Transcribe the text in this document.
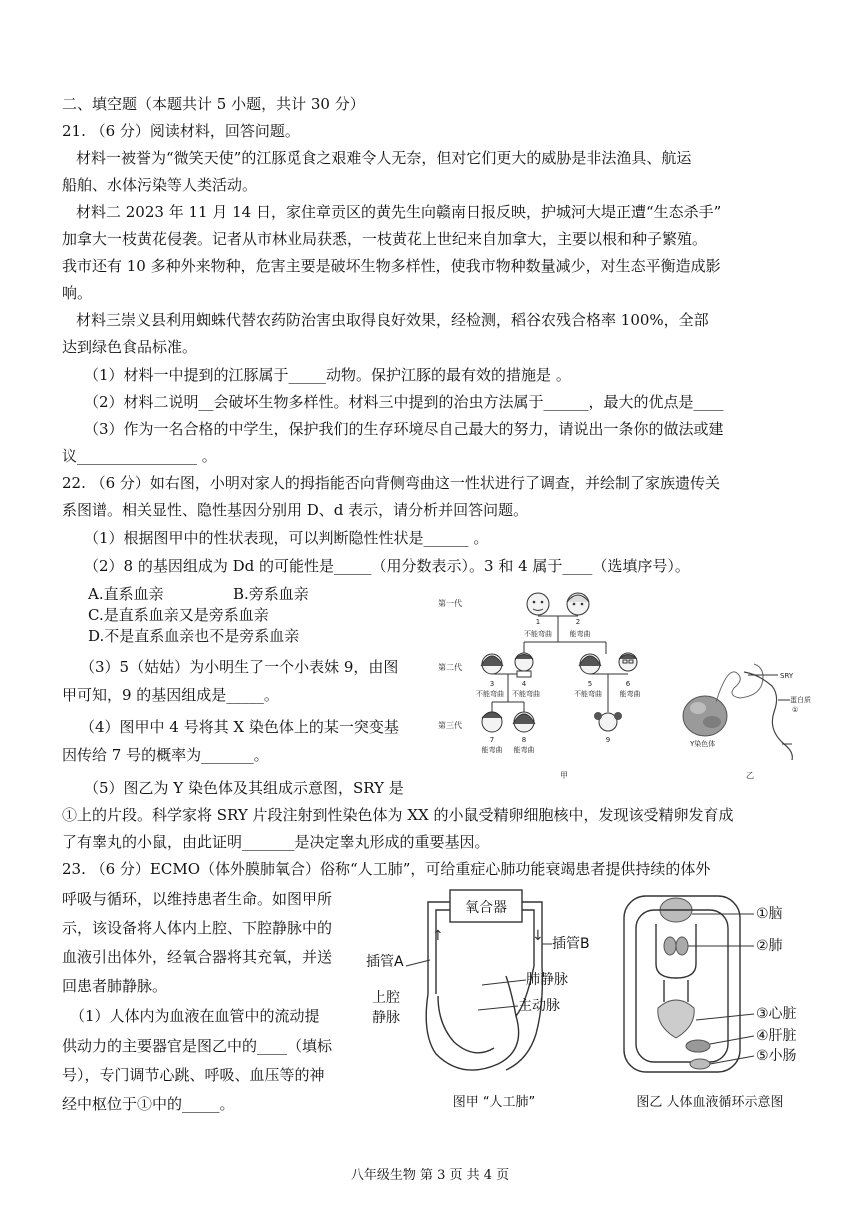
二、填空题（本题共计 5 小题，共计 30 分）
21. （6 分）阅读材料，回答问题。
材料一被誉为“微笑天使”的江豚觅食之艰难令人无奈，但对它们更大的威胁是非法渔具、航运
船舶、水体污染等人类活动。
材料二 2023 年 11 月 14 日，家住章贡区的黄先生向赣南日报反映，护城河大堤正遭“生态杀手”
加拿大一枝黄花侵袭。记者从市林业局获悉，一枝黄花上世纪来自加拿大，主要以根和种子繁殖。
我市还有 10 多种外来物种，危害主要是破坏生物多样性，使我市物种数量减少，对生态平衡造成影
响。
材料三崇义县利用蜘蛛代替农药防治害虫取得良好效果，经检测，稻谷农残合格率 100%，全部
达到绿色食品标准。
（1）材料一中提到的江豚属于_____动物。保护江豚的最有效的措施是 。
（2）材料二说明__会破坏生物多样性。材料三中提到的治虫方法属于______，最大的优点是____
（3）作为一名合格的中学生，保护我们的生存环境尽自己最大的努力，请说出一条你的做法或建
议________________ 。
22. （6 分）如右图，小明对家人的拇指能否向背侧弯曲这一性状进行了调查，并绘制了家族遗传关
系图谱。相关显性、隐性基因分别用 D、d 表示，请分析并回答问题。
（1）根据图甲中的性状表现，可以判断隐性性状是______ 。
（2）8 的基因组成为 Dd 的可能性是_____（用分数表示）。3 和 4 属于____（选填序号）。
A.直系血亲	B.旁系血亲
C.是直系血亲又是旁系血亲
D.不是直系血亲也不是旁系血亲
（3）5（姑姑）为小明生了一个小表妹 9，由图
甲可知，9 的基因组成是_____。
（4）图甲中 4 号将其 X 染色体上的某一突变基
因传给 7 号的概率为_______。
（5）图乙为 Y 染色体及其组成示意图，SRY 是
①上的片段。科学家将 SRY 片段注射到性染色体为 XX 的小鼠受精卵细胞核中，发现该受精卵发育成
了有睾丸的小鼠，由此证明_______是决定睾丸形成的重要基因。
第一代
第二代
第三代
1	2
不能弯曲	能弯曲
3	4	5	6
不能弯曲 不能弯曲	不能弯曲	能弯曲
7	8	9
能弯曲 能弯曲
甲
SRY
蛋白质
①
Y染色体
乙
23. （6 分）ECMO（体外膜肺氧合）俗称“人工肺”，可给重症心肺功能衰竭患者提供持续的体外
呼吸与循环，以维持患者生命。如图甲所
示，该设备将人体内上腔、下腔静脉中的
血液引出体外，经氧合器将其充氧，并送
回患者肺静脉。
（1）人体内为血液在血管中的流动提
供动力的主要器官是图乙中的____（填标
号），专门调节心跳、呼吸、血压等的神
经中枢位于①中的_____。
氧合器
↑	↓
插管A
插管B
肺静脉
主动脉
上腔
静脉
图甲 “人工肺”
①脑
②肺
③心脏
④肝脏
⑤小肠
图乙 人体血液循环示意图
八年级生物 第 3 页 共 4 页
